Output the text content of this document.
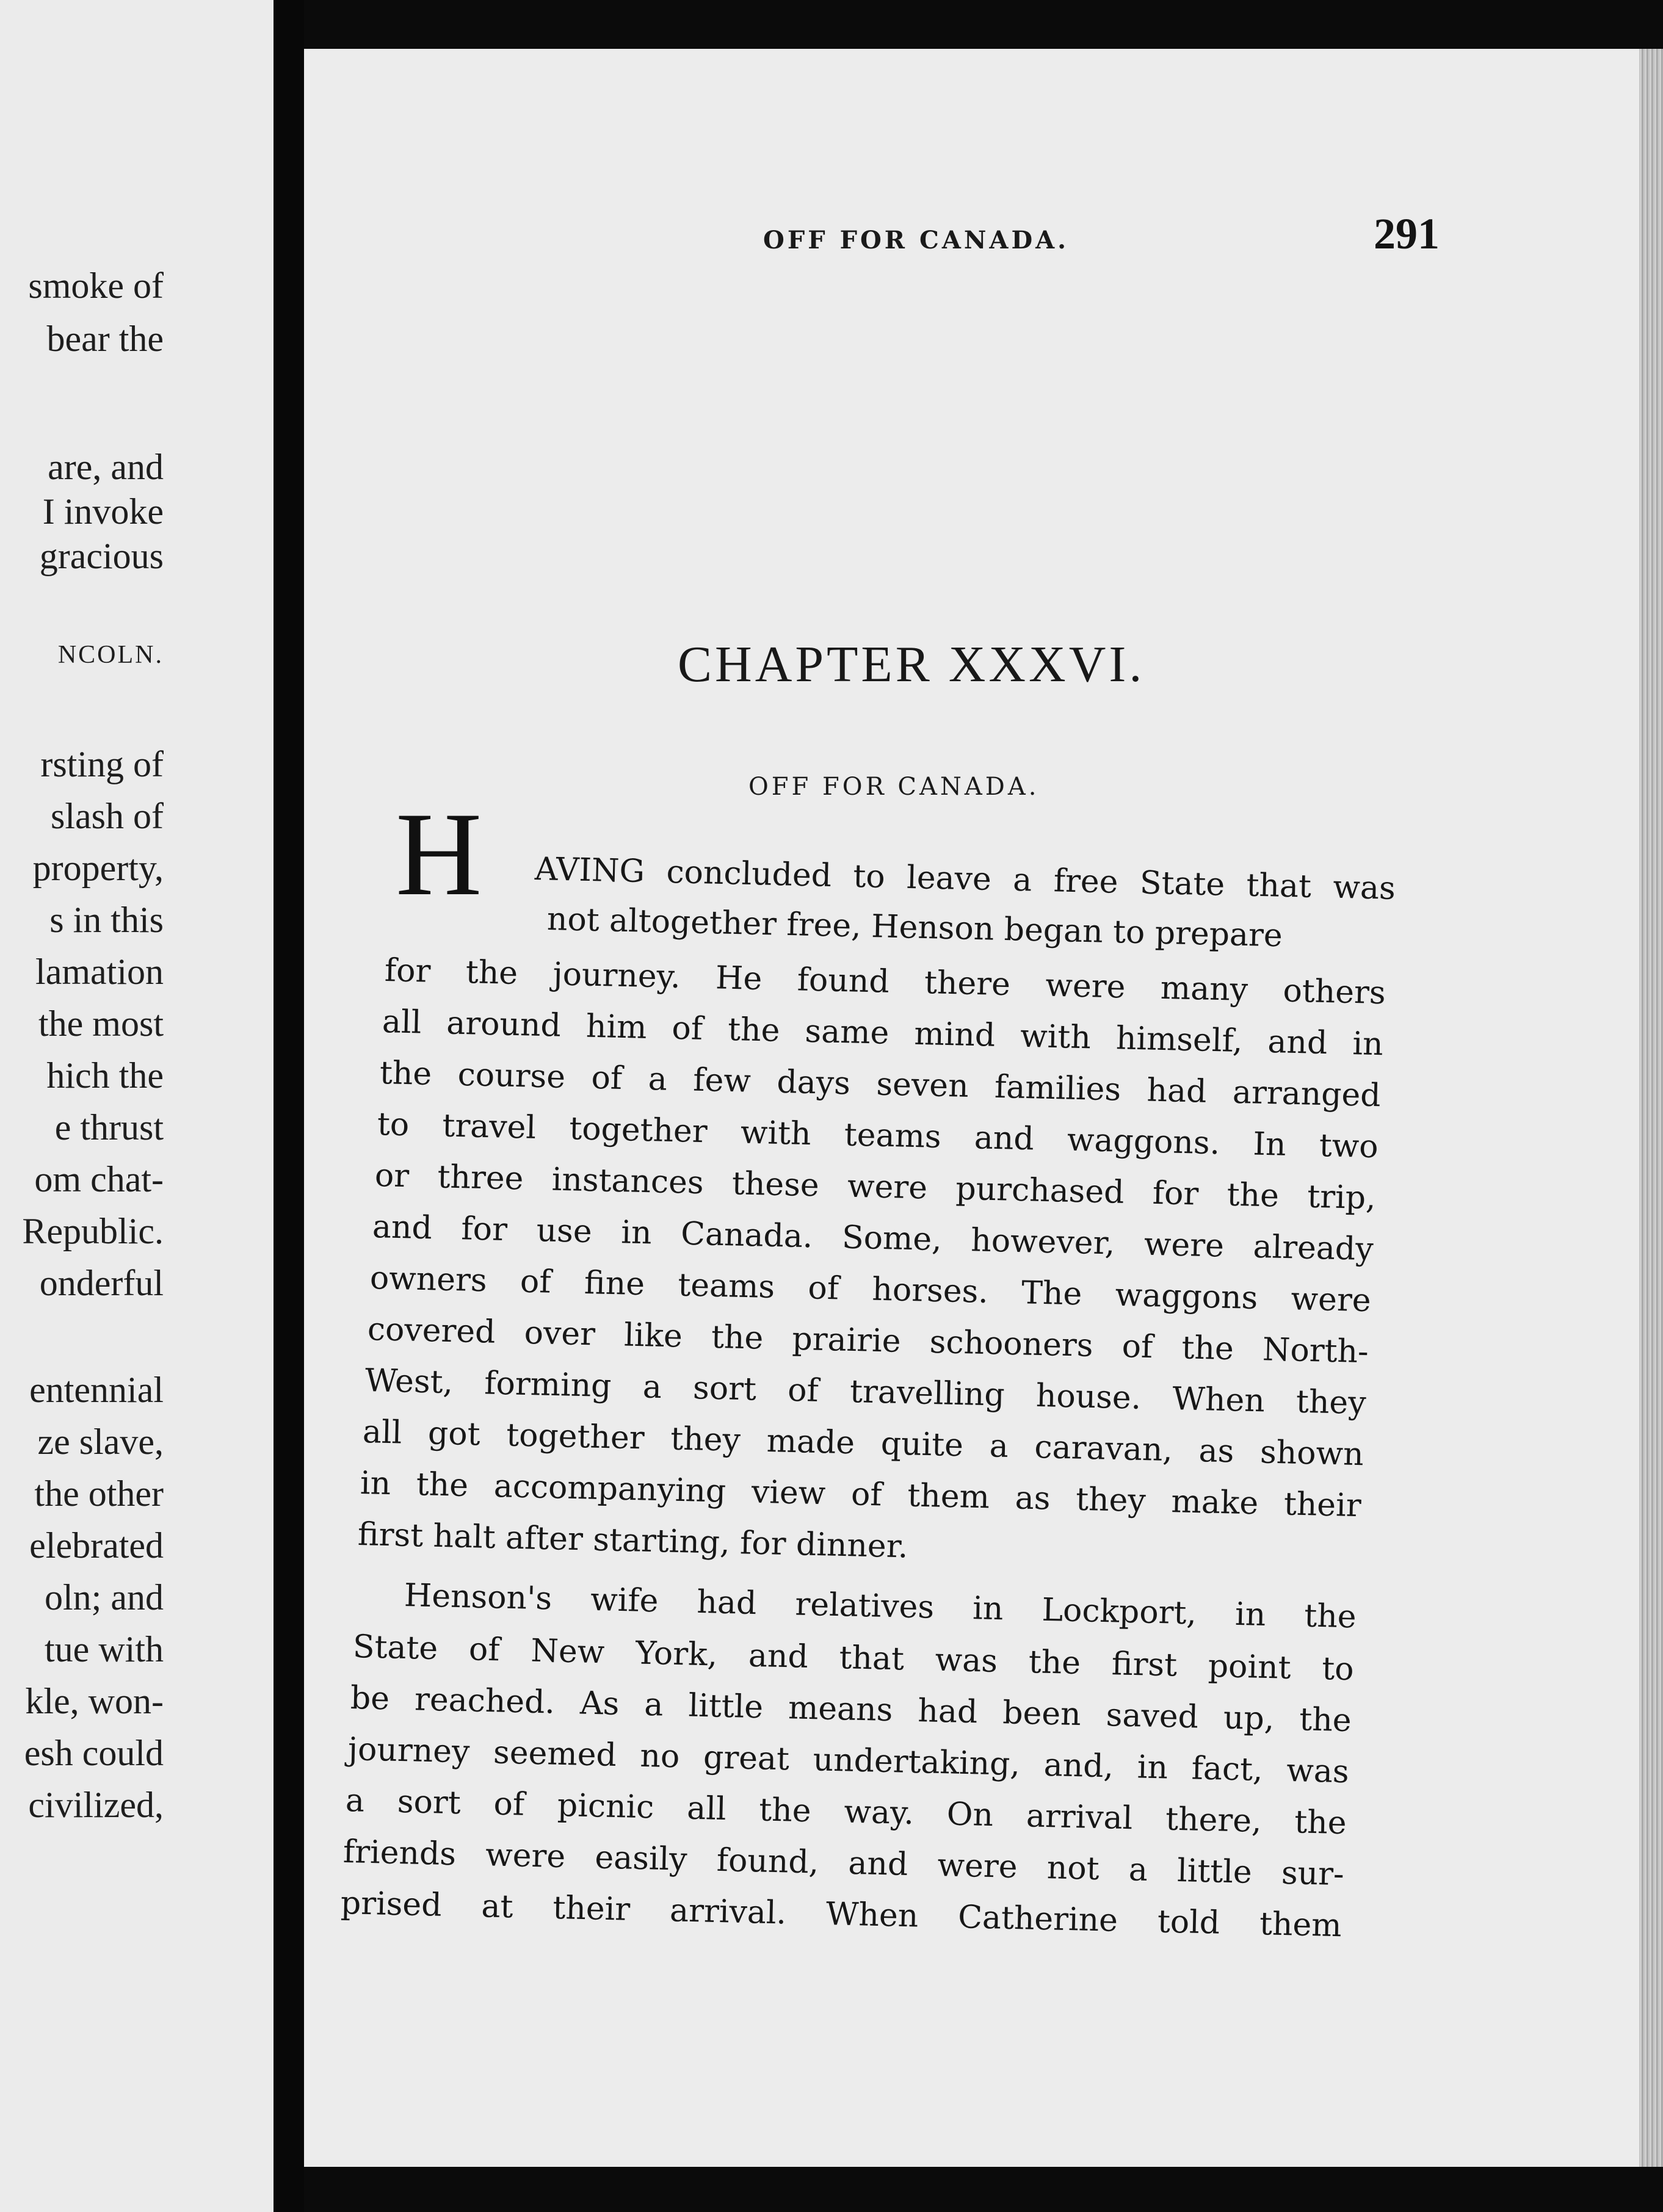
smoke of
bear the
are, and
I invoke
gracious
NCOLN.
rsting of
slash of
property,
s in this
lamation
the most
hich the
e thrust
om chat-
Republic.
onderful
entennial
ze slave,
the other
elebrated
oln; and
tue with
kle, won-
esh could
civilized,
OFF FOR CANADA.	291
CHAPTER XXXVI.
OFF FOR CANADA.
H AVING concluded to leave a free State that was
not altogether free, Henson began to prepare
for the journey. He found there were many others
all around him of the same mind with himself, and in
the course of a few days seven families had arranged
to travel together with teams and waggons. In two
or three instances these were purchased for the trip,
and for use in Canada. Some, however, were already
owners of fine teams of horses. The waggons were
covered over like the prairie schooners of the North-
West, forming a sort of travelling house. When they
all got together they made quite a caravan, as shown
in the accompanying view of them as they make their
first halt after starting, for dinner.
Henson's wife had relatives in Lockport, in the
State of New York, and that was the first point to
be reached. As a little means had been saved up, the
journey seemed no great undertaking, and, in fact, was
a sort of picnic all the way. On arrival there, the
friends were easily found, and were not a little sur-
prised at their arrival. When Catherine told them
